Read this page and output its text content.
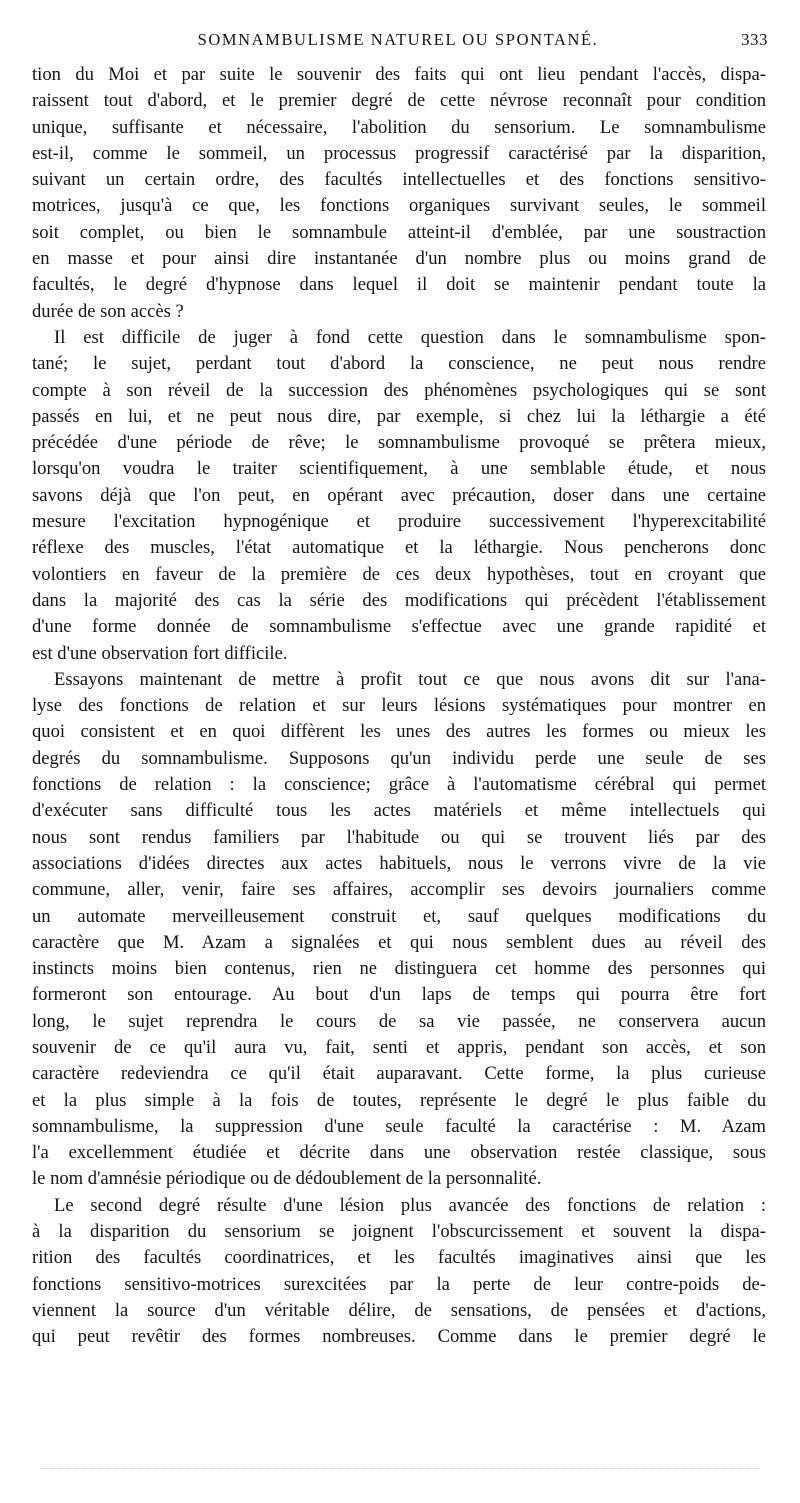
SOMNAMBULISME NATUREL OU SPONTANÉ.	333
tion du Moi et par suite le souvenir des faits qui ont lieu pendant l'accès, dispa-
raissent tout d'abord, et le premier degré de cette névrose reconnaît pour condition
unique, suffisante et nécessaire, l'abolition du sensorium. Le somnambulisme
est-il, comme le sommeil, un processus progressif caractérisé par la disparition,
suivant un certain ordre, des facultés intellectuelles et des fonctions sensitivo-
motrices, jusqu'à ce que, les fonctions organiques survivant seules, le sommeil
soit complet, ou bien le somnambule atteint-il d'emblée, par une soustraction
en masse et pour ainsi dire instantanée d'un nombre plus ou moins grand de
facultés, le degré d'hypnose dans lequel il doit se maintenir pendant toute la
durée de son accès ?
Il est difficile de juger à fond cette question dans le somnambulisme spon-
tané; le sujet, perdant tout d'abord la conscience, ne peut nous rendre
compte à son réveil de la succession des phénomènes psychologiques qui se sont
passés en lui, et ne peut nous dire, par exemple, si chez lui la léthargie a été
précédée d'une période de rêve; le somnambulisme provoqué se prêtera mieux,
lorsqu'on voudra le traiter scientifiquement, à une semblable étude, et nous
savons déjà que l'on peut, en opérant avec précaution, doser dans une certaine
mesure l'excitation hypnogénique et produire successivement l'hyperexcitabilité
réflexe des muscles, l'état automatique et la léthargie. Nous pencherons donc
volontiers en faveur de la première de ces deux hypothèses, tout en croyant que
dans la majorité des cas la série des modifications qui précèdent l'établissement
d'une forme donnée de somnambulisme s'effectue avec une grande rapidité et
est d'une observation fort difficile.
Essayons maintenant de mettre à profit tout ce que nous avons dit sur l'ana-
lyse des fonctions de relation et sur leurs lésions systématiques pour montrer en
quoi consistent et en quoi diffèrent les unes des autres les formes ou mieux les
degrés du somnambulisme. Supposons qu'un individu perde une seule de ses
fonctions de relation : la conscience; grâce à l'automatisme cérébral qui permet
d'exécuter sans difficulté tous les actes matériels et même intellectuels qui
nous sont rendus familiers par l'habitude ou qui se trouvent liés par des
associations d'idées directes aux actes habituels, nous le verrons vivre de la vie
commune, aller, venir, faire ses affaires, accomplir ses devoirs journaliers comme
un automate merveilleusement construit et, sauf quelques modifications du
caractère que M. Azam a signalées et qui nous semblent dues au réveil des
instincts moins bien contenus, rien ne distinguera cet homme des personnes qui
formeront son entourage. Au bout d'un laps de temps qui pourra être fort
long, le sujet reprendra le cours de sa vie passée, ne conservera aucun
souvenir de ce qu'il aura vu, fait, senti et appris, pendant son accès, et son
caractère redeviendra ce qu'il était auparavant. Cette forme, la plus curieuse
et la plus simple à la fois de toutes, représente le degré le plus faible du
somnambulisme, la suppression d'une seule faculté la caractérise : M. Azam
l'a excellemment étudiée et décrite dans une observation restée classique, sous
le nom d'amnésie périodique ou de dédoublement de la personnalité.
Le second degré résulte d'une lésion plus avancée des fonctions de relation :
à la disparition du sensorium se joignent l'obscurcissement et souvent la dispa-
rition des facultés coordinatrices, et les facultés imaginatives ainsi que les
fonctions sensitivo-motrices surexcitées par la perte de leur contre-poids de-
viennent la source d'un véritable délire, de sensations, de pensées et d'actions,
qui peut revêtir des formes nombreuses. Comme dans le premier degré le
